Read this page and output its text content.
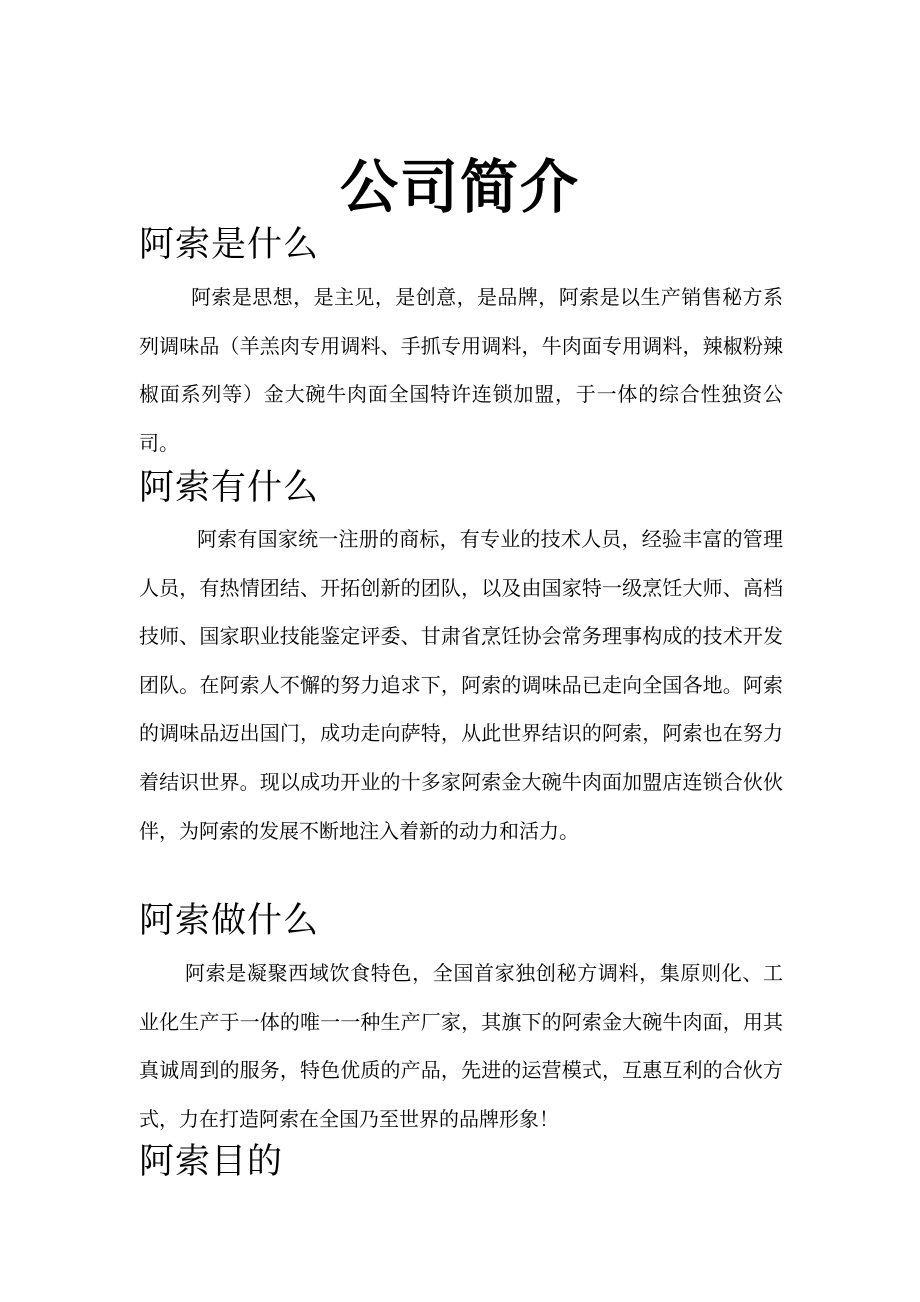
公司简介
阿索是什么

阿索是思想，是主见，是创意，是品牌，阿索是以生产销售秘方系列调味品（羊羔肉专用调料、手抓专用调料，牛肉面专用调料，辣椒粉辣椒面系列等）金大碗牛肉面全国特许连锁加盟，于一体的综合性独资公司。

阿索有什么

阿索有国家统一注册的商标，有专业的技术人员，经验丰富的管理人员，有热情团结、开拓创新的团队，以及由国家特一级烹饪大师、高档技师、国家职业技能鉴定评委、甘肃省烹饪协会常务理事构成的技术开发团队。在阿索人不懈的努力追求下，阿索的调味品已走向全国各地。阿索的调味品迈出国门，成功走向萨特，从此世界结识的阿索，阿索也在努力着结识世界。现以成功开业的十多家阿索金大碗牛肉面加盟店连锁合伙伙伴，为阿索的发展不断地注入着新的动力和活力。

阿索做什么

阿索是凝聚西域饮食特色，全国首家独创秘方调料，集原则化、工业化生产于一体的唯一一种生产厂家，其旗下的阿索金大碗牛肉面，用其真诚周到的服务，特色优质的产品，先进的运营模式，互惠互利的合伙方式，力在打造阿索在全国乃至世界的品牌形象！

阿索目的
